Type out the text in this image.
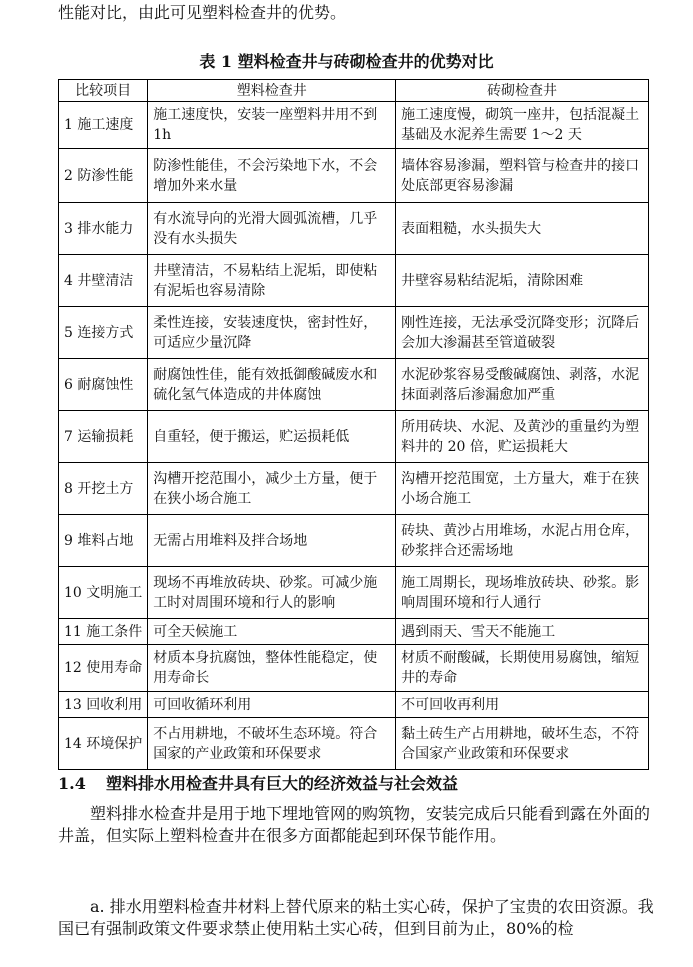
性能对比，由此可见塑料检查井的优势。

表 1 塑料检查井与砖砌检查井的优势对比
比较项目	塑料检查井	砖砌检查井
1 施工速度	施工速度快，安装一座塑料井用不到 1h	施工速度慢，砌筑一座井，包括混凝土基础及水泥养生需要 1～2 天
2 防渗性能	防渗性能佳，不会污染地下水，不会增加外来水量	墙体容易渗漏，塑料管与检查井的接口处底部更容易渗漏
3 排水能力	有水流导向的光滑大圆弧流槽，几乎没有水头损失	表面粗糙，水头损失大
4 井壁清洁	井壁清洁，不易粘结上泥垢，即使粘有泥垢也容易清除	井壁容易粘结泥垢，清除困难
5 连接方式	柔性连接，安装速度快，密封性好，可适应少量沉降	刚性连接，无法承受沉降变形；沉降后会加大渗漏甚至管道破裂
6 耐腐蚀性	耐腐蚀性佳，能有效抵御酸碱废水和硫化氢气体造成的井体腐蚀	水泥砂浆容易受酸碱腐蚀、剥落，水泥抹面剥落后渗漏愈加严重
7 运输损耗	自重轻，便于搬运，贮运损耗低	所用砖块、水泥、及黄沙的重量约为塑料井的 20 倍，贮运损耗大
8 开挖土方	沟槽开挖范围小，减少土方量，便于在狭小场合施工	沟槽开挖范围宽，土方量大，难于在狭小场合施工
9 堆料占地	无需占用堆料及拌合场地	砖块、黄沙占用堆场，水泥占用仓库，砂浆拌合还需场地
10 文明施工	现场不再堆放砖块、砂浆。可减少施工时对周围环境和行人的影响	施工周期长，现场堆放砖块、砂浆。影响周围环境和行人通行
11 施工条件	可全天候施工	遇到雨天、雪天不能施工
12 使用寿命	材质本身抗腐蚀，整体性能稳定，使用寿命长	材质不耐酸碱，长期使用易腐蚀，缩短井的寿命
13 回收利用	可回收循环利用	不可回收再利用
14 环境保护	不占用耕地，不破坏生态环境。符合国家的产业政策和环保要求	黏土砖生产占用耕地，破坏生态，不符合国家产业政策和环保要求
1.4 塑料排水用检查井具有巨大的经济效益与社会效益

塑料排水检查井是用于地下埋地管网的购筑物，安装完成后只能看到露在外面的井盖，但实际上塑料检查井在很多方面都能起到环保节能作用。

a. 排水用塑料检查井材料上替代原来的粘土实心砖，保护了宝贵的农田资源。我国已有强制政策文件要求禁止使用粘土实心砖，但到目前为止，80%的检
